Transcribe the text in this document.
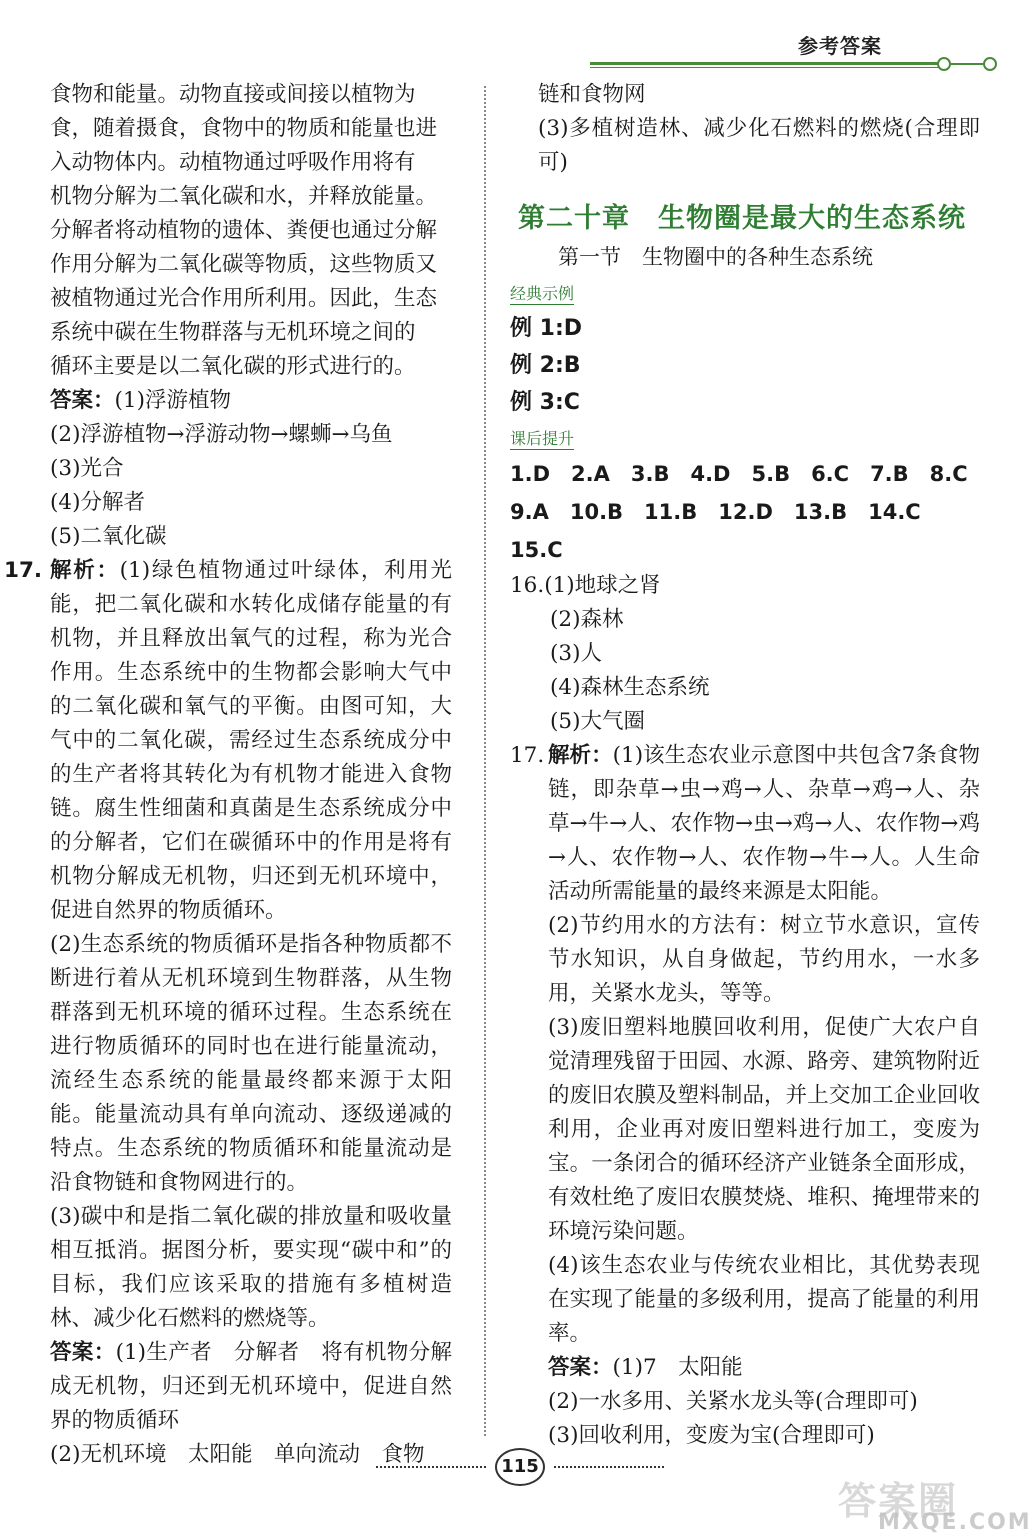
参考答案

食物和能量。动物直接或间接以植物为

食，随着摄食，食物中的物质和能量也进

入动物体内。动植物通过呼吸作用将有

机物分解为二氧化碳和水，并释放能量。

分解者将动植物的遗体、粪便也通过分解

作用分解为二氧化碳等物质，这些物质又

被植物通过光合作用所利用。因此，生态

系统中碳在生物群落与无机环境之间的

循环主要是以二氧化碳的形式进行的。

答案：(1)浮游植物

(2)浮游植物→浮游动物→螺蛳→乌鱼

(3)光合

(4)分解者

(5)二氧化碳

17. 解析：(1)绿色植物通过叶绿体，利用光能，把二氧化碳和水转化成储存能量的有机物，并且释放出氧气的过程，称为光合作用。生态系统中的生物都会影响大气中的二氧化碳和氧气的平衡。由图可知，大气中的二氧化碳，需经过生态系统成分中的生产者将其转化为有机物才能进入食物链。腐生性细菌和真菌是生态系统成分中的分解者，它们在碳循环中的作用是将有机物分解成无机物，归还到无机环境中，促进自然界的物质循环。

(2)生态系统的物质循环是指各种物质都不断进行着从无机环境到生物群落，从生物群落到无机环境的循环过程。生态系统在进行物质循环的同时也在进行能量流动，流经生态系统的能量最终都来源于太阳能。能量流动具有单向流动、逐级递减的特点。生态系统的物质循环和能量流动是沿食物链和食物网进行的。

(3)碳中和是指二氧化碳的排放量和吸收量相互抵消。据图分析，要实现“碳中和”的目标，我们应该采取的措施有多植树造林、减少化石燃料的燃烧等。

答案：(1)生产者　分解者　将有机物分解成无机物，归还到无机环境中，促进自然界的物质循环

(2)无机环境　太阳能　单向流动　食物

链和食物网

(3)多植树造林、减少化石燃料的燃烧(合理即可)

第二十章　生物圈是最大的生态系统
第一节　生物圈中的各种生态系统
经典示例
例 1:D
例 2:B
例 3:C
课后提升
1.D　2.A　3.B　4.D　5.B　6.C　7.B　8.C
9.A　10.B　11.B　12.D　13.B　14.C　15.C

16.(1)地球之肾

(2)森林

(3)人

(4)森林生态系统

(5)大气圈

17. 解析：(1)该生态农业示意图中共包含7条食物链，即杂草→虫→鸡→人、杂草→鸡→人、杂草→牛→人、农作物→虫→鸡→人、农作物→鸡→人、农作物→人、农作物→牛→人。人生命活动所需能量的最终来源是太阳能。

(2)节约用水的方法有：树立节水意识，宣传节水知识，从自身做起，节约用水，一水多用，关紧水龙头，等等。

(3)废旧塑料地膜回收利用，促使广大农户自觉清理残留于田园、水源、路旁、建筑物附近的废旧农膜及塑料制品，并上交加工企业回收利用，企业再对废旧塑料进行加工，变废为宝。一条闭合的循环经济产业链条全面形成，有效杜绝了废旧农膜焚烧、堆积、掩埋带来的环境污染问题。

(4)该生态农业与传统农业相比，其优势表现在实现了能量的多级利用，提高了能量的利用率。

答案：(1)7　太阳能

(2)一水多用、关紧水龙头等(合理即可)

(3)回收利用，变废为宝(合理即可)

115
答案圈
MXQE.COM
